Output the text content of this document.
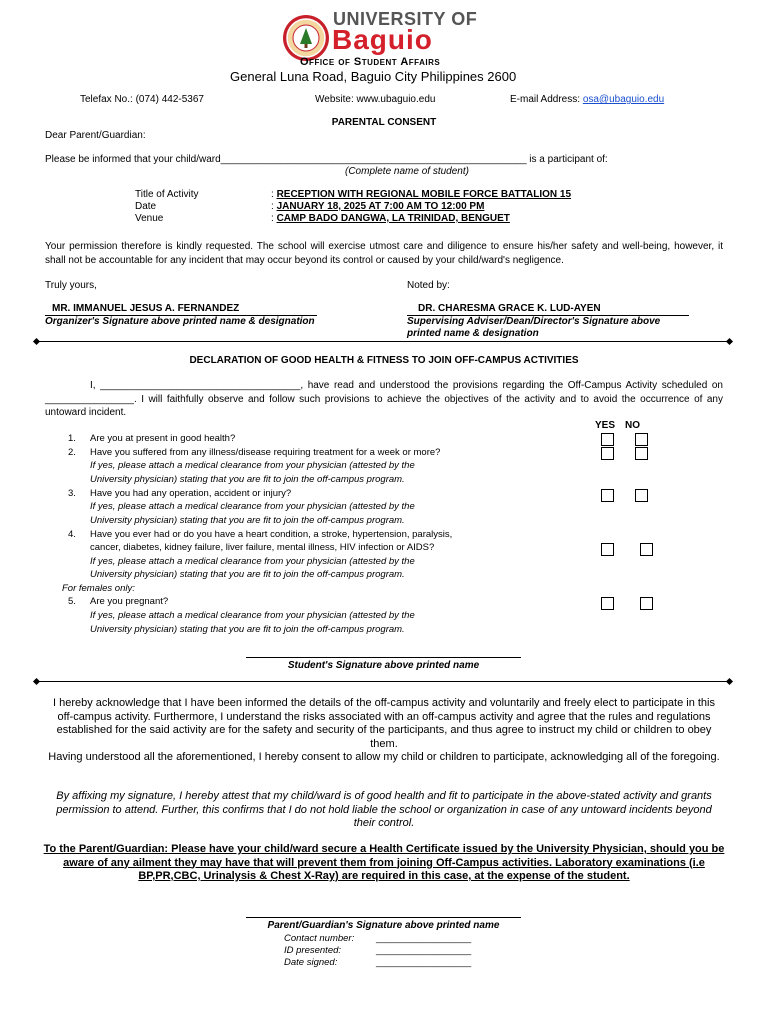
UNIVERSITY OF
Baguio
Office of Student Affairs
General Luna Road, Baguio City Philippines 2600
Telefax No.: (074) 442-5367	Website: www.ubaguio.edu	E-mail Address: osa@ubaguio.edu
PARENTAL CONSENT
Dear Parent/Guardian:
Please be informed that your child/ward_______________________________________________________ is a participant of:
(Complete name of student)
Title of Activity	: RECEPTION WITH REGIONAL MOBILE FORCE BATTALION 15
Date	: JANUARY 18, 2025 AT 7:00 AM TO 12:00 PM
Venue	: CAMP BADO DANGWA, LA TRINIDAD, BENGUET
Your permission therefore is kindly requested. The school will exercise utmost care and diligence to ensure his/her safety and well-being, however, it shall not be accountable for any incident that may occur beyond its control or caused by your child/ward's negligence.
Truly yours,	Noted by:
MR. IMMANUEL JESUS A. FERNANDEZ
Organizer's Signature above printed name & designation
DR. CHARESMA GRACE K. LUD-AYEN
Supervising Adviser/Dean/Director's Signature above
printed name & designation
DECLARATION OF GOOD HEALTH & FITNESS TO JOIN OFF-CAMPUS ACTIVITIES
I, ____________________________________, have read and understood the provisions regarding the Off-Campus Activity scheduled on ________________. I will faithfully observe and follow such provisions to achieve the objectives of the activity and to avoid the occurrence of any untoward incident.
YES NO
1. Are you at present in good health?
2. Have you suffered from any illness/disease requiring treatment for a week or more?
If yes, please attach a medical clearance from your physician (attested by the
University physician) stating that you are fit to join the off-campus program.
3. Have you had any operation, accident or injury?
If yes, please attach a medical clearance from your physician (attested by the
University physician) stating that you are fit to join the off-campus program.
4. Have you ever had or do you have a heart condition, a stroke, hypertension, paralysis,
cancer, diabetes, kidney failure, liver failure, mental illness, HIV infection or AIDS?
If yes, please attach a medical clearance from your physician (attested by the
University physician) stating that you are fit to join the off-campus program.
For females only:
5. Are you pregnant?
If yes, please attach a medical clearance from your physician (attested by the
University physician) stating that you are fit to join the off-campus program.
Student's Signature above printed name
I hereby acknowledge that I have been informed the details of the off-campus activity and voluntarily and freely elect to participate in this off-campus activity. Furthermore, I understand the risks associated with an off-campus activity and agree that the rules and regulations established for the said activity are for the safety and security of the participants, and thus agree to instruct my child or children to obey them.
Having understood all the aforementioned, I hereby consent to allow my child or children to participate, acknowledging all of the foregoing.
By affixing my signature, I hereby attest that my child/ward is of good health and fit to participate in the above-stated activity and grants permission to attend. Further, this confirms that I do not hold liable the school or organization in case of any untoward incidents beyond their control.
To the Parent/Guardian: Please have your child/ward secure a Health Certificate issued by the University Physician, should you be aware of any ailment they may have that will prevent them from joining Off-Campus activities. Laboratory examinations (i.e BP,PR,CBC, Urinalysis & Chest X-Ray) are required in this case, at the expense of the student.
Parent/Guardian's Signature above printed name
Contact number: __________________
ID presented:	__________________
Date signed:	__________________
